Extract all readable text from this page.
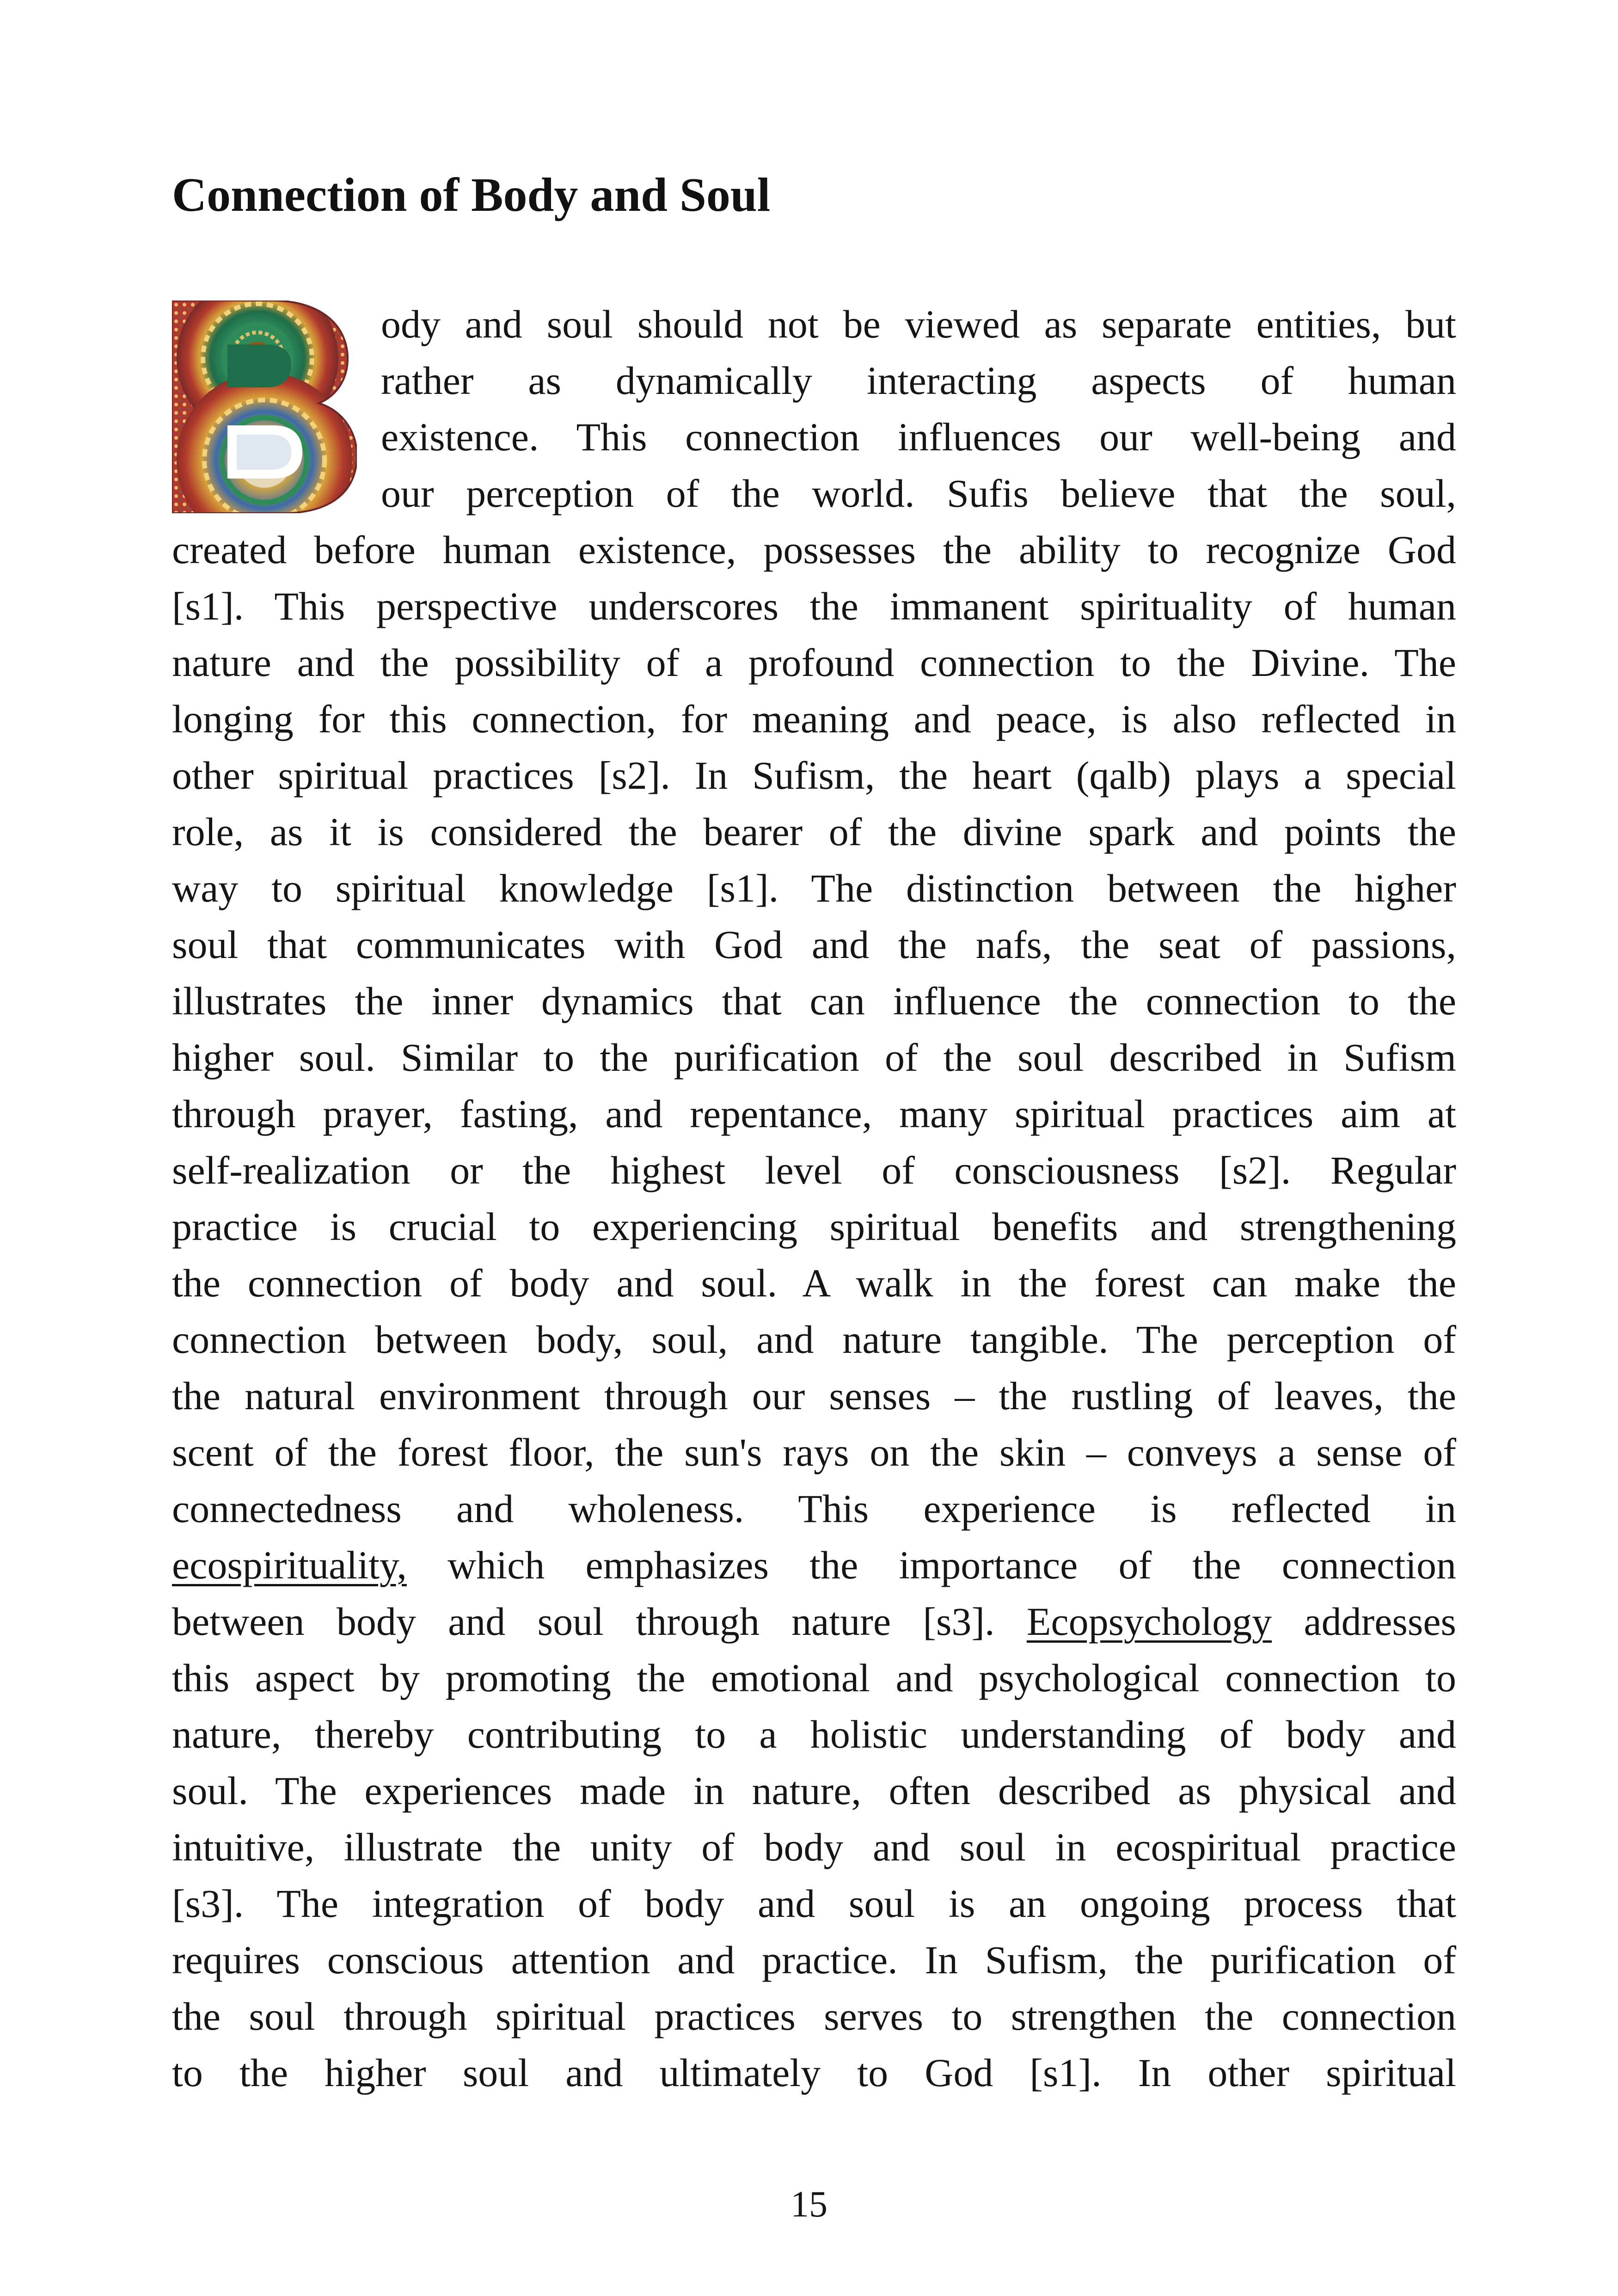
Connection of Body and Soul
ody and soul should not be viewed as separate entities, but
rather as dynamically interacting aspects of human
existence. This connection influences our well-being and
our perception of the world. Sufis believe that the soul,
created before human existence, possesses the ability to recognize God
[s1]. This perspective underscores the immanent spirituality of human
nature and the possibility of a profound connection to the Divine. The
longing for this connection, for meaning and peace, is also reflected in
other spiritual practices [s2]. In Sufism, the heart (qalb) plays a special
role, as it is considered the bearer of the divine spark and points the
way to spiritual knowledge [s1]. The distinction between the higher
soul that communicates with God and the nafs, the seat of passions,
illustrates the inner dynamics that can influence the connection to the
higher soul. Similar to the purification of the soul described in Sufism
through prayer, fasting, and repentance, many spiritual practices aim at
self-realization or the highest level of consciousness [s2]. Regular
practice is crucial to experiencing spiritual benefits and strengthening
the connection of body and soul. A walk in the forest can make the
connection between body, soul, and nature tangible. The perception of
the natural environment through our senses – the rustling of leaves, the
scent of the forest floor, the sun's rays on the skin – conveys a sense of
connectedness and wholeness. This experience is reflected in
ecospirituality, which emphasizes the importance of the connection
between body and soul through nature [s3]. Ecopsychology addresses
this aspect by promoting the emotional and psychological connection to
nature, thereby contributing to a holistic understanding of body and
soul. The experiences made in nature, often described as physical and
intuitive, illustrate the unity of body and soul in ecospiritual practice
[s3]. The integration of body and soul is an ongoing process that
requires conscious attention and practice. In Sufism, the purification of
the soul through spiritual practices serves to strengthen the connection
to the higher soul and ultimately to God [s1]. In other spiritual
15
